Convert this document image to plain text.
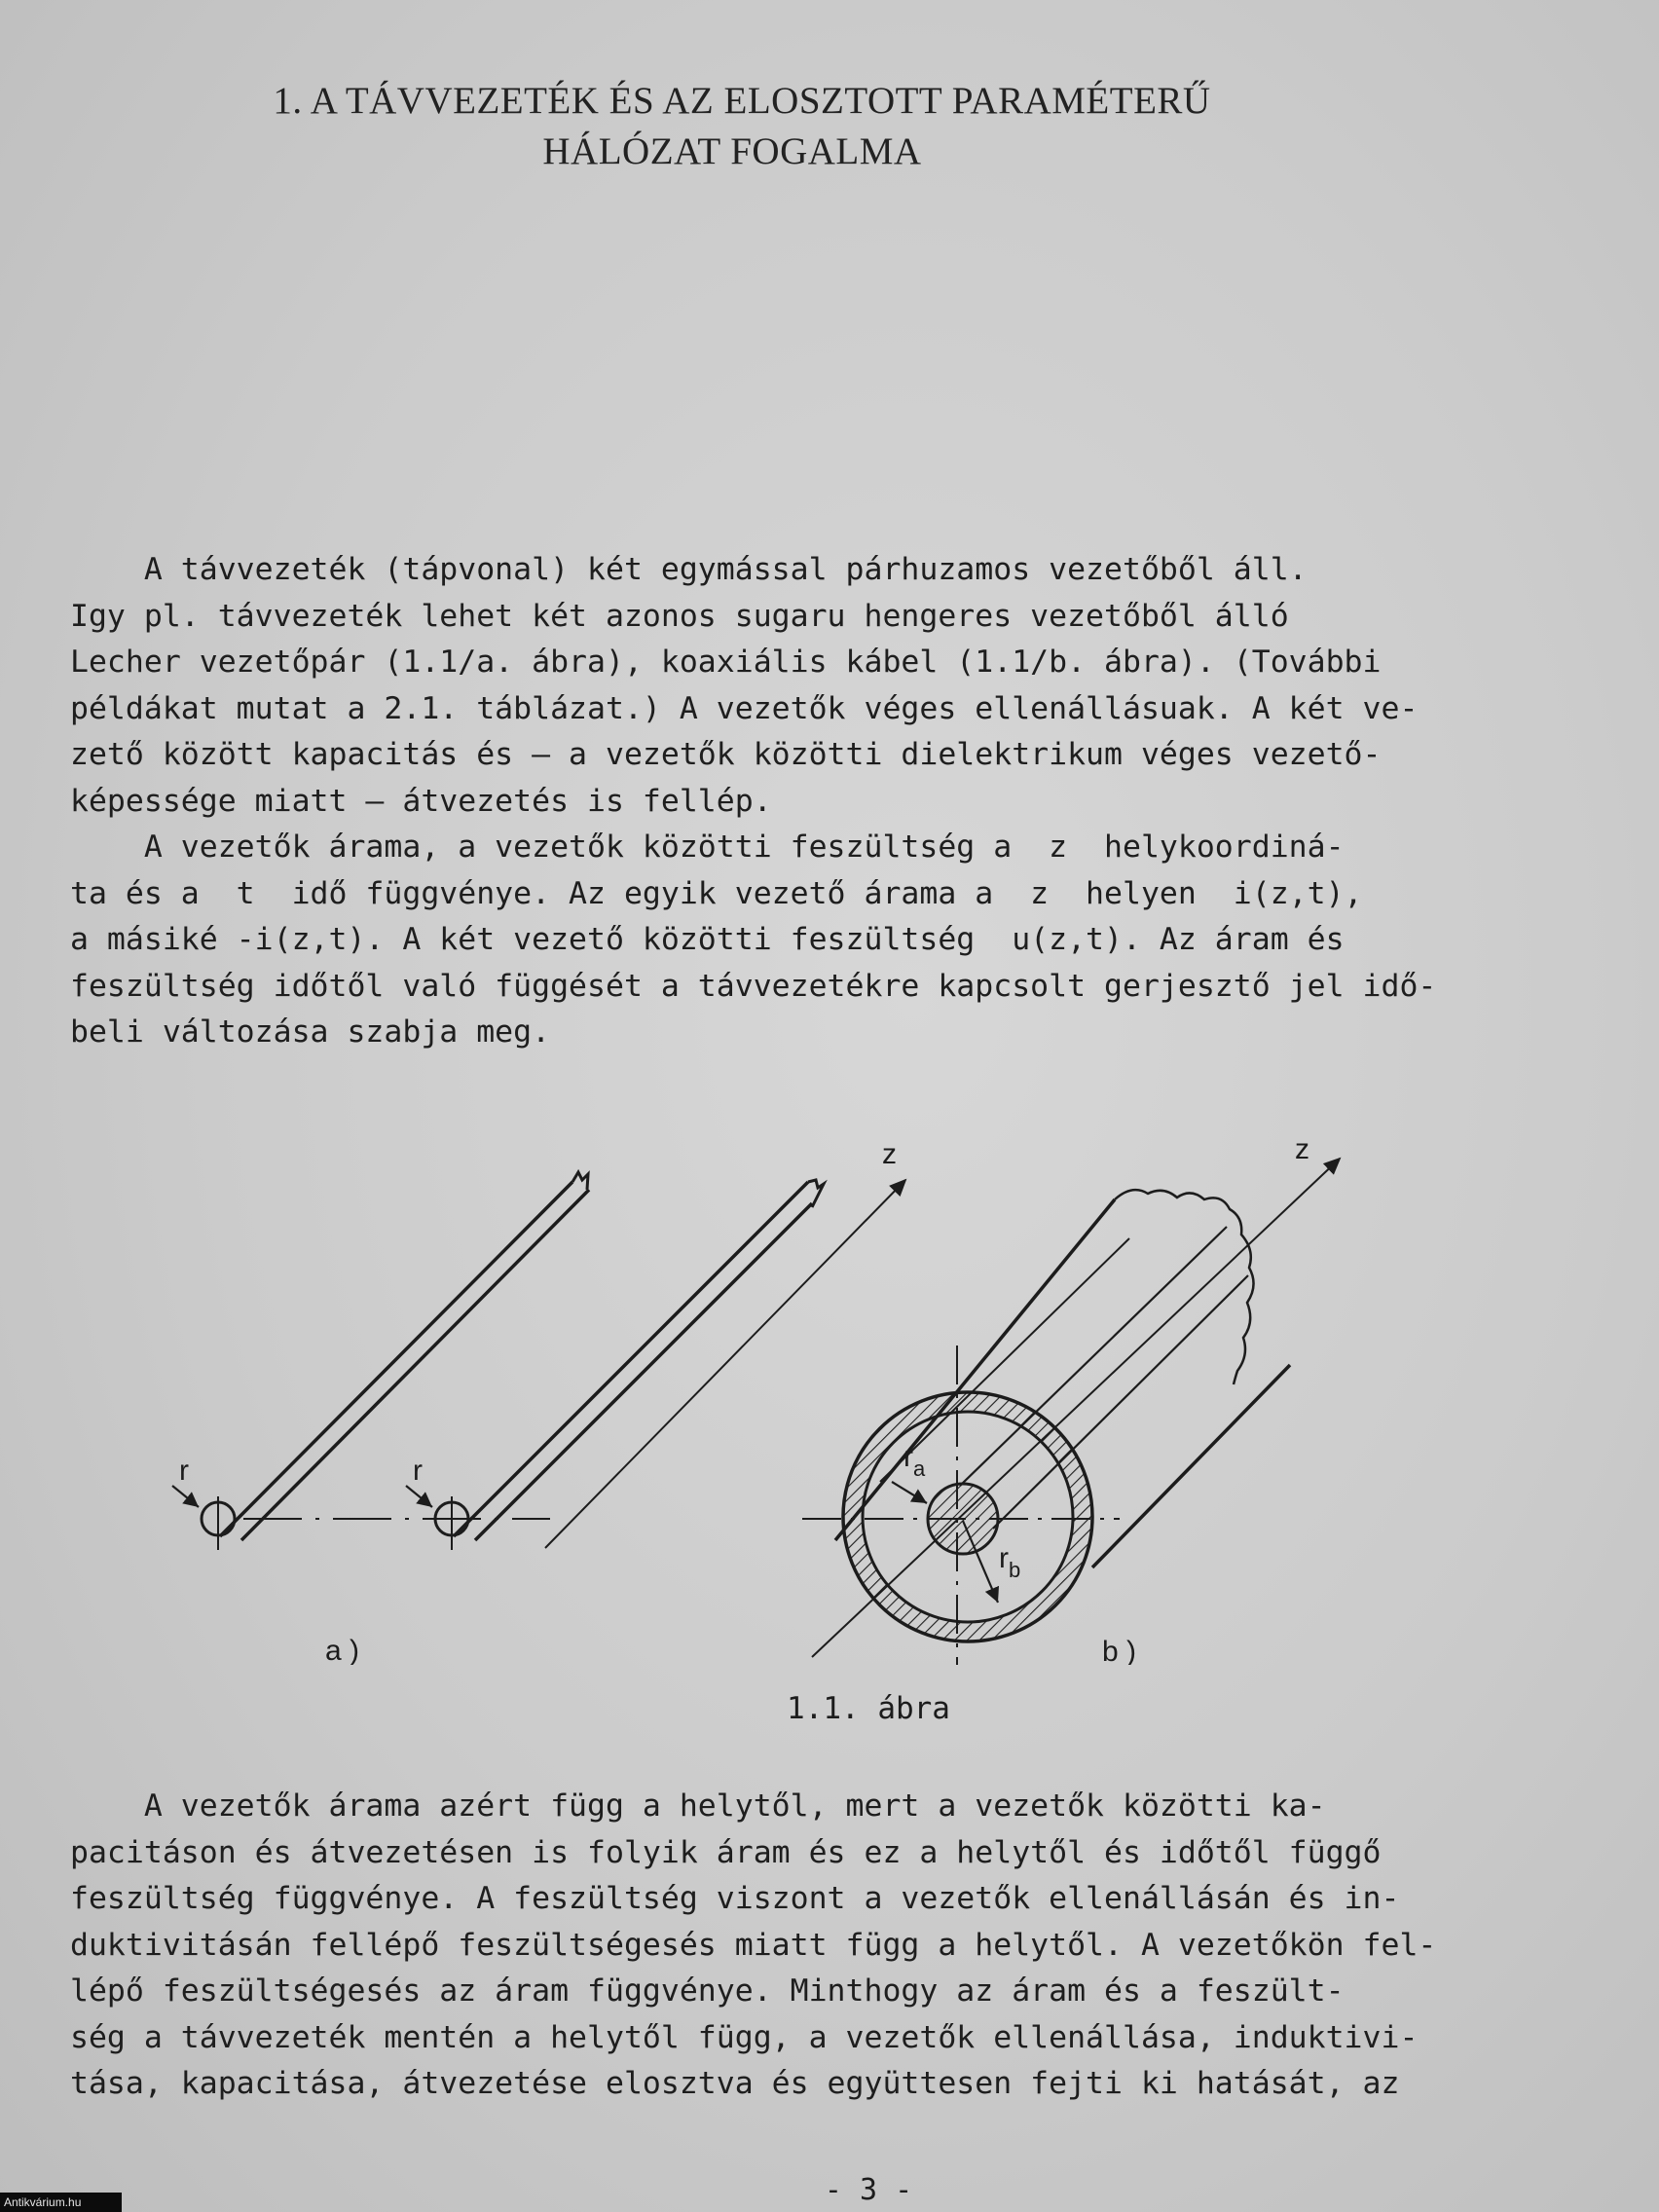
1. A TÁVVEZETÉK ÉS AZ ELOSZTOTT PARAMÉTERŰ
HÁLÓZAT FOGALMA
A távvezeték (tápvonal) két egymással párhuzamos vezetőből áll.
Igy pl. távvezeték lehet két azonos sugaru hengeres vezetőből álló
Lecher vezetőpár (1.1/a. ábra), koaxiális kábel (1.1/b. ábra). (További
példákat mutat a 2.1. táblázat.) A vezetők véges ellenállásuak. A két ve-
zető között kapacitás és – a vezetők közötti dielektrikum véges vezető-
képessége miatt – átvezetés is fellép.
A vezetők árama, a vezetők közötti feszültség a  z  helykoordiná-
ta és a  t  idő függvénye. Az egyik vezető árama a  z  helyen  i(z,t),
a másiké -i(z,t). A két vezető közötti feszültség  u(z,t). Az áram és
feszültség időtől való függését a távvezetékre kapcsolt gerjesztő jel idő-
beli változása szabja meg.
r	r
z
a )
z
$r_a$
$r_b$
b )
1.1. ábra
A vezetők árama azért függ a helytől, mert a vezetők közötti ka-
pacitáson és átvezetésen is folyik áram és ez a helytől és időtől függő
feszültség függvénye. A feszültség viszont a vezetők ellenállásán és in-
duktivitásán fellépő feszültségesés miatt függ a helytől. A vezetőkön fel-
lépő feszültségesés az áram függvénye. Minthogy az áram és a feszült-
ség a távvezeték mentén a helytől függ, a vezetők ellenállása, induktivi-
tása, kapacitása, átvezetése elosztva és együttesen fejti ki hatását, az
- 3 -
Antikvárium.hu
